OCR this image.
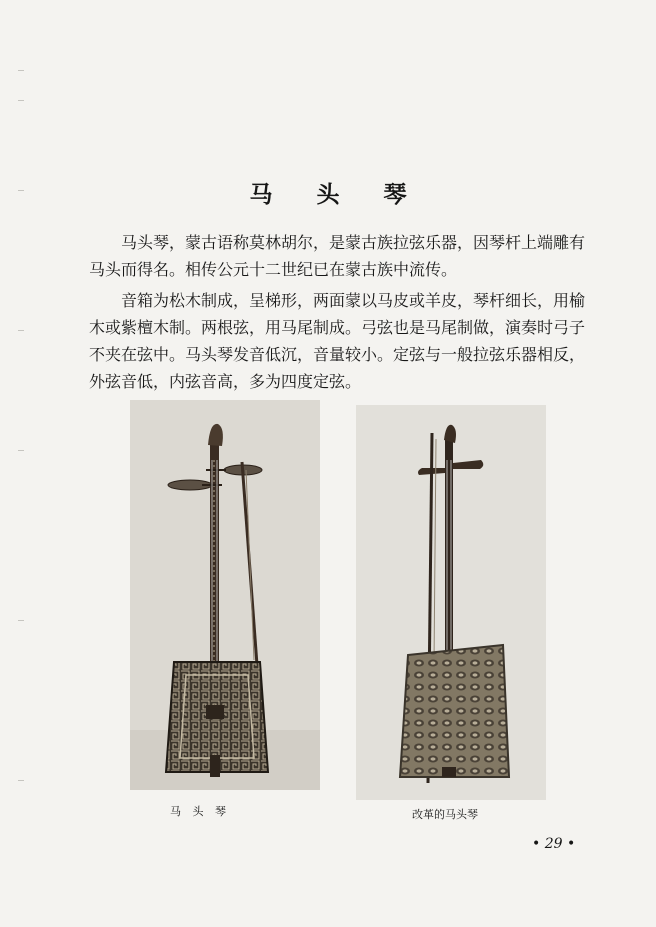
马 头 琴

马头琴，蒙古语称莫林胡尔，是蒙古族拉弦乐器，因琴杆上端雕有马头而得名。相传公元十二世纪已在蒙古族中流传。

音箱为松木制成，呈梯形，两面蒙以马皮或羊皮，琴杆细长，用榆木或紫檀木制。两根弦，用马尾制成。弓弦也是马尾制做，演奏时弓子不夹在弦中。马头琴发音低沉，音量较小。定弦与一般拉弦乐器相反，外弦音低，内弦音高，多为四度定弦。

马 头 琴	改革的马头琴
• 29 •
